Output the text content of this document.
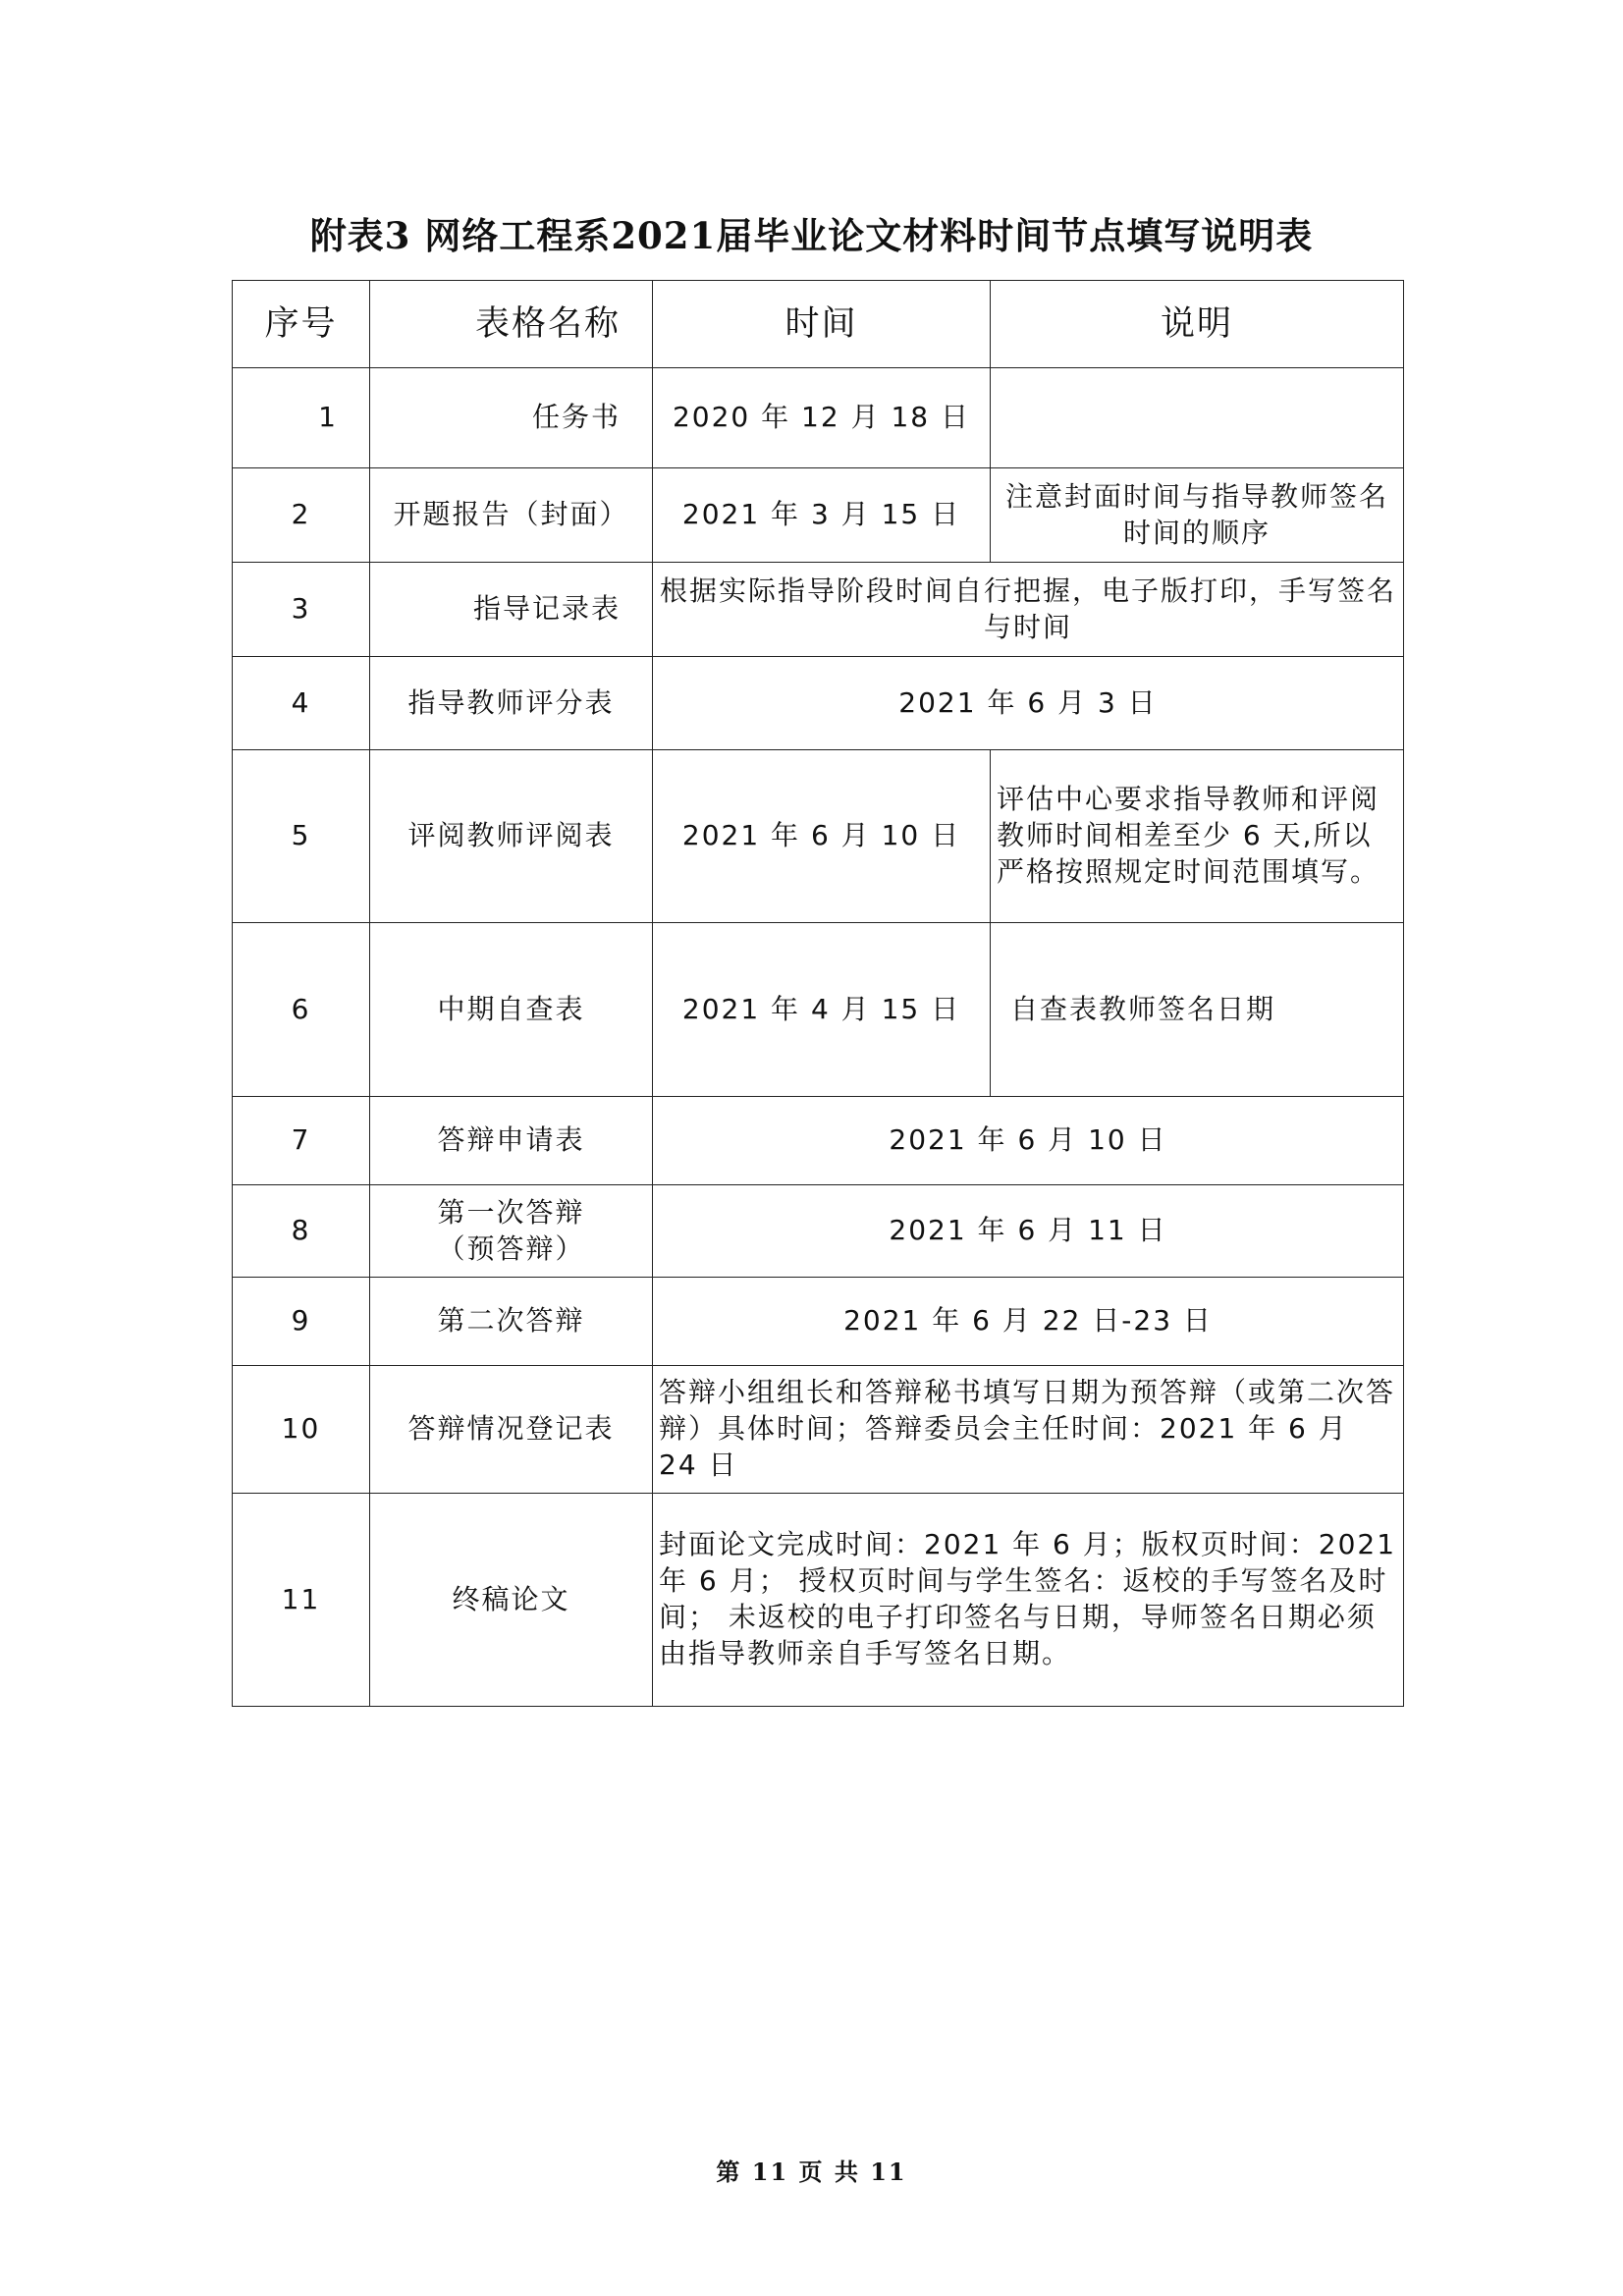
附表3 网络工程系2021届毕业论文材料时间节点填写说明表
序号	表格名称	时间	说明
1	任务书	2020 年 12 月 18 日	
2	开题报告（封面）	2021 年 3 月 15 日	注意封面时间与指导教师签名时间的顺序
3	指导记录表	根据实际指导阶段时间自行把握，电子版打印，手写签名与时间	
4	指导教师评分表	2021 年 6 月 3 日	
5	评阅教师评阅表	2021 年 6 月 10 日	评估中心要求指导教师和评阅教师时间相差至少 6 天,所以严格按照规定时间范围填写。
6	中期自查表	2021 年 4 月 15 日	自查表教师签名日期
7	答辩申请表	2021 年 6 月 10 日	
8	第一次答辩（预答辩）	2021 年 6 月 11 日	
9	第二次答辩	2021 年 6 月 22 日-23 日	
10	答辩情况登记表	答辩小组组长和答辩秘书填写日期为预答辩（或第二次答辩）具体时间；答辩委员会主任时间：2021 年 6 月 24 日	
11	终稿论文	封面论文完成时间：2021 年 6 月；版权页时间：2021 年 6 月； 授权页时间与学生签名：返校的手写签名及时间； 未返校的电子打印签名与日期，导师签名日期必须 由指导教师亲自手写签名日期。	
第 11 页 共 11
